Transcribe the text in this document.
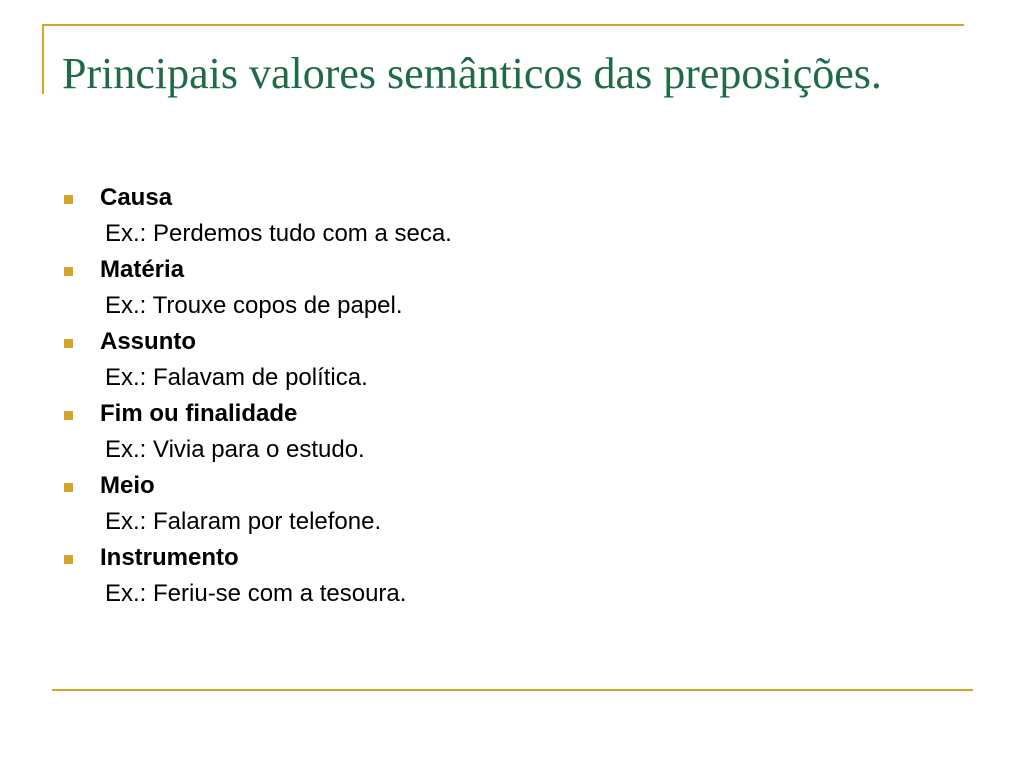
Principais valores semânticos das preposições.
Causa
Ex.: Perdemos tudo com a seca.
Matéria
Ex.: Trouxe copos de papel.
Assunto
Ex.: Falavam de política.
Fim ou finalidade
Ex.: Vivia para o estudo.
Meio
Ex.: Falaram por telefone.
Instrumento
Ex.: Feriu-se com a tesoura.
